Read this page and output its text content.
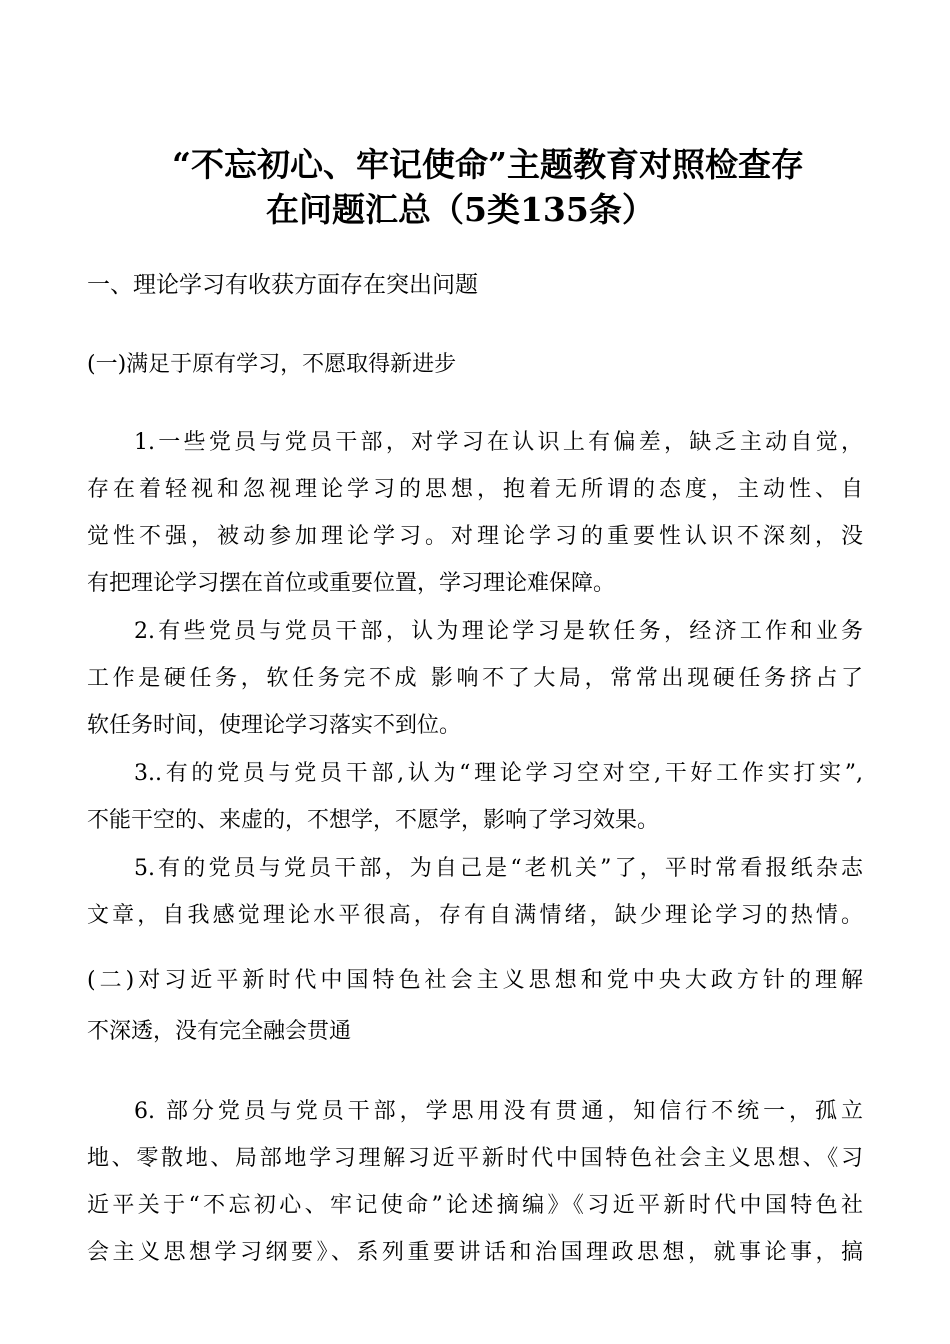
“不忘初心、牢记使命”主题教育对照检查存
在问题汇总（5类135条）
一、理论学习有收获方面存在突出问题
(一)满足于原有学习，不愿取得新进步
1.一些党员与党员干部，对学习在认识上有偏差，缺乏主动自觉，
存在着轻视和忽视理论学习的思想，抱着无所谓的态度，主动性、自
觉性不强，被动参加理论学习。对理论学习的重要性认识不深刻，没
有把理论学习摆在首位或重要位置，学习理论难保障。
2.有些党员与党员干部，认为理论学习是软任务，经济工作和业务
工作是硬任务，软任务完不成 影响不了大局，常常出现硬任务挤占了
软任务时间，使理论学习落实不到位。
3..有的党员与党员干部,认为“理论学习空对空,干好工作实打实”,
不能干空的、来虚的，不想学，不愿学，影响了学习效果。
5.有的党员与党员干部，为自己是“老机关”了，平时常看报纸杂志
文章，自我感觉理论水平很高，存有自满情绪，缺少理论学习的热情。
(二)对习近平新时代中国特色社会主义思想和党中央大政方针的理解
不深透，没有完全融会贯通
6. 部分党员与党员干部，学思用没有贯通，知信行不统一，孤立
地、零散地、局部地学习理解习近平新时代中国特色社会主义思想、《习
近平关于“不忘初心、牢记使命”论述摘编》《习近平新时代中国特色社
会主义思想学习纲要》、系列重要讲话和治国理政思想，就事论事，搞
